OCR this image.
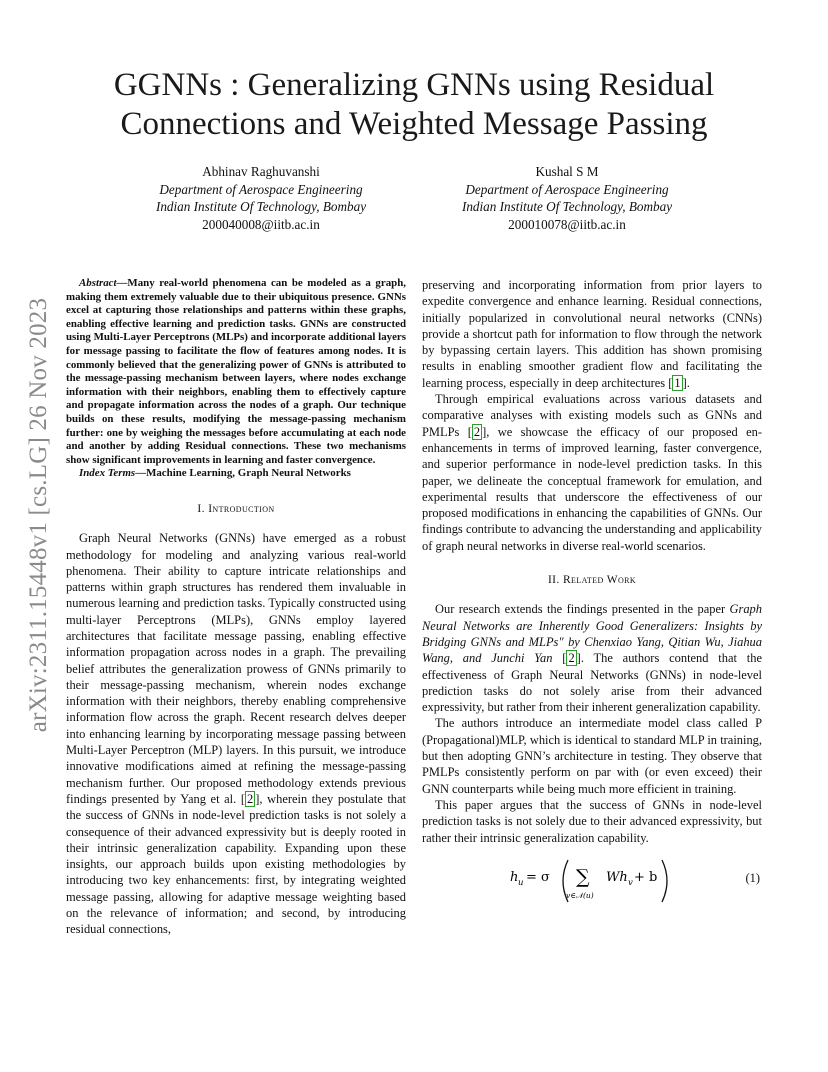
GGNNs : Generalizing GNNs using Residual
Connections and Weighted Message Passing
Abhinav Raghuvanshi
Department of Aerospace Engineering
Indian Institute Of Technology, Bombay
200040008@iitb.ac.in
Kushal S M
Department of Aerospace Engineering
Indian Institute Of Technology, Bombay
200010078@iitb.ac.in
arXiv:2311.15448v1 [cs.LG] 26 Nov 2023

Abstract—Many real-world phenomena can be modeled as a graph, making them extremely valuable due to their ubiquitous presence. GNNs excel at capturing those relationships and patterns within these graphs, enabling effective learning and prediction tasks. GNNs are constructed using Multi-Layer Perceptrons (MLPs) and incorporate additional layers for message passing to facilitate the flow of features among nodes. It is commonly believed that the generalizing power of GNNs is attributed to the message-passing mechanism between layers, where nodes exchange information with their neighbors, enabling them to effectively capture and propagate information across the nodes of a graph. Our technique builds on these results, modifying the message-passing mechanism further: one by weighing the messages before accumulating at each node and another by adding Residual connections. These two mechanisms show significant improvements in learning and faster convergence.

Index Terms—Machine Learning, Graph Neural Networks

I. Introduction

Graph Neural Networks (GNNs) have emerged as a robust methodology for modeling and analyzing various real-world phenomena. Their ability to capture intricate relationships and patterns within graph structures has rendered them invaluable in numerous learning and prediction tasks. Typically constructed using multi-layer Perceptrons (MLPs), GNNs employ layered architectures that facilitate message passing, enabling effective information propagation across nodes in a graph. The prevailing belief attributes the generalization prowess of GNNs primarily to their message-passing mechanism, wherein nodes exchange information with their neighbors, thereby enabling comprehensive information flow across the graph. Recent research delves deeper into enhancing learning by incorporating message passing between Multi-Layer Perceptron (MLP) layers. In this pursuit, we introduce innovative modifications aimed at refining the message-passing mechanism further. Our proposed methodology extends previous findings presented by Yang et al. [ 2 ], wherein they postulate that the success of GNNs in node-level prediction tasks is not solely a consequence of their advanced expressivity but is deeply rooted in their intrinsic generalization capability. Expanding upon these insights, our approach builds upon existing methodologies by introducing two key enhancements: first, by integrating weighted message passing, allowing for adaptive message weighting based on the relevance of information; and second, by introducing residual connections,

preserving and incorporating information from prior layers to expedite convergence and enhance learning. Residual connections, initially popularized in convolutional neural networks (CNNs) provide a shortcut path for information to flow through the network by bypassing certain layers. This addition has shown promising results in enabling smoother gradient flow and facilitating the learning process, especially in deep architectures [ 1 ].

Through empirical evaluations across various datasets and comparative analyses with existing models such as GNNs and PMLPs [ 2 ], we showcase the efficacy of our proposed en- enhancements in terms of improved learning, faster convergence, and superior performance in node-level prediction tasks. In this paper, we delineate the conceptual framework for emulation, and experimental results that underscore the effectiveness of our proposed modifications in enhancing the capabilities of GNNs. Our findings contribute to advancing the understanding and applicability of graph neural networks in diverse real-world scenarios.

II. Related Work

Our research extends the findings presented in the paper Graph Neural Networks are Inherently Good Generalizers: Insights by Bridging GNNs and MLPs" by Chenxiao Yang, Qitian Wu, Jiahua Wang, and Junchi Yan [ 2 ]. The authors contend that the effectiveness of Graph Neural Networks (GNNs) in node-level prediction tasks do not solely arise from their advanced expressivity, but rather from their inherent generalization capability.

The authors introduce an intermediate model class called P (Propagational)MLP, which is identical to standard MLP in training, but then adopting GNN’s architecture in testing. They observe that PMLPs consistently perform on par with (or even exceed) their GNN counterparts while being much more efficient in training.

This paper argues that the success of GNNs in node-level prediction tasks is not solely due to their advanced expressivity, but rather their intrinsic generalization capability.

h u = σ ∑
v∈𝒩(u)
Wh v + b	(1)
